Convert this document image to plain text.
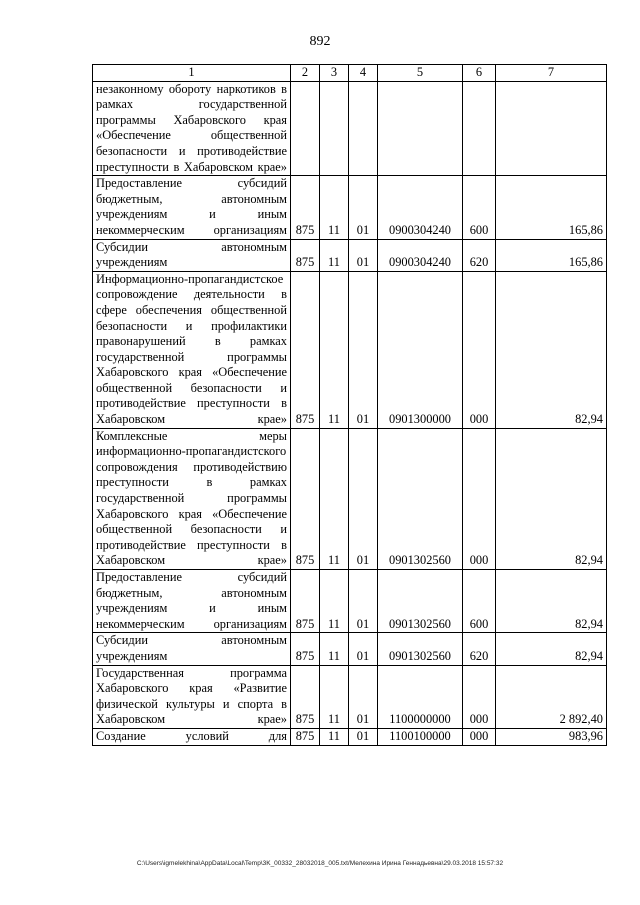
892
1	2	3	4	5	6	7
незаконному обороту наркотиков в рамках государственной программы Хабаровского края «Обеспечение общественной безопасности и противодействие преступности в Хабаровском крае»						
Предоставление субсидий бюджетным, автономным учреждениям и иным некоммерческим организациям	875	11	01	0900304240	600	165,86
Субсидии автономным учреждениям	875	11	01	0900304240	620	165,86
Информационно-пропагандистское сопровождение деятельности в сфере обеспечения общественной безопасности и профилактики правонарушений в рамках государственной программы Хабаровского края «Обеспечение общественной безопасности и противодействие преступности в Хабаровском крае»	875	11	01	0901300000	000	82,94
Комплексные меры информационно-пропагандистского сопровождения противодействию преступности в рамках государственной программы Хабаровского края «Обеспечение общественной безопасности и противодействие преступности в Хабаровском крае»	875	11	01	0901302560	000	82,94
Предоставление субсидий бюджетным, автономным учреждениям и иным некоммерческим организациям	875	11	01	0901302560	600	82,94
Субсидии автономным учреждениям	875	11	01	0901302560	620	82,94
Государственная программа Хабаровского края «Развитие физической культуры и спорта в Хабаровском крае»	875	11	01	1100000000	000	2 892,40
Создание условий для	875	11	01	1100100000	000	983,96
C:\Users\igmelekhina\AppData\Local\Temp\3K_00332_28032018_005.txt/Мелехина Ирина Геннадьевна\29.03.2018 15:57:32
